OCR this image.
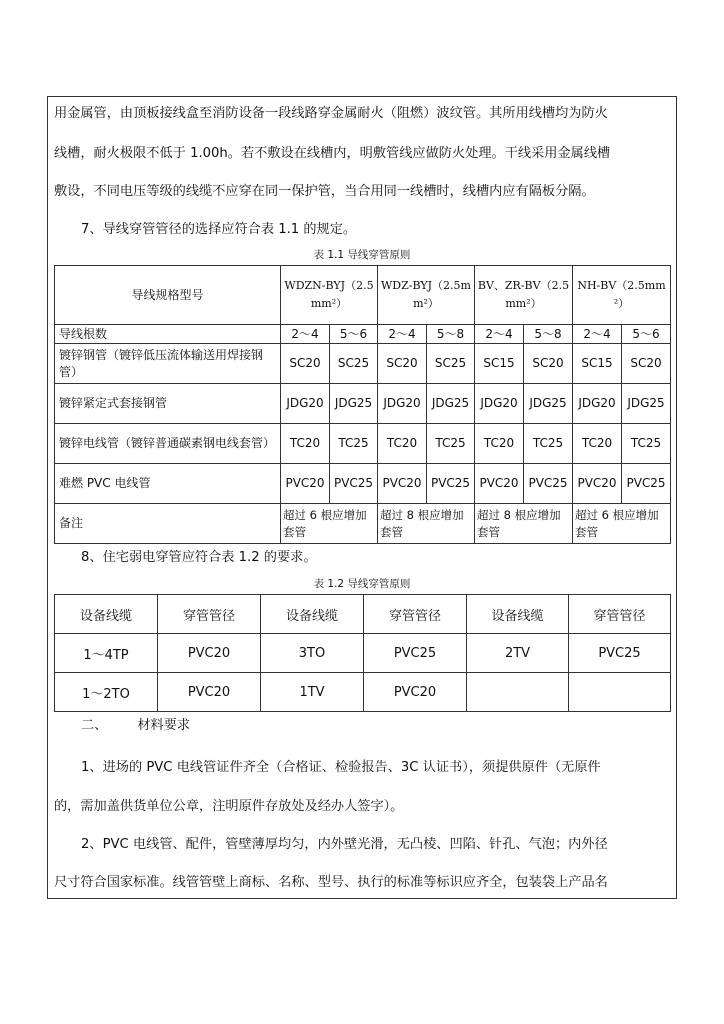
用金属管，由顶板接线盒至消防设备一段线路穿金属耐火（阻燃）波纹管。其所用线槽均为防火
线槽，耐火极限不低于 1.00h。若不敷设在线槽内，明敷管线应做防火处理。干线采用金属线槽
敷设，不同电压等级的线缆不应穿在同一保护管，当合用同一线槽时，线槽内应有隔板分隔。
7、导线穿管管径的选择应符合表 1.1 的规定。
表 1.1 导线穿管原则
导线规格型号	WDZN-BYJ（2.5mm²）		WDZ-BYJ（2.5mm²）		BV、ZR-BV（2.5mm²）		NH-BV（2.5mm²）	
导线根数	2～4	5～6	2～4	5～8	2～4	5～8	2～4	5～6
镀锌钢管（镀锌低压流体输送用焊接钢管）	SC20	SC25	SC20	SC25	SC15	SC20	SC15	SC20
镀锌紧定式套接钢管	JDG20	JDG25	JDG20	JDG25	JDG20	JDG25	JDG20	JDG25
镀锌电线管（镀锌普通碳素钢电线套管）	TC20	TC25	TC20	TC25	TC20	TC25	TC20	TC25
难燃 PVC 电线管	PVC20	PVC25	PVC20	PVC25	PVC20	PVC25	PVC20	PVC25
备注	超过 6 根应增加套管		超过 8 根应增加套管		超过 8 根应增加套管		超过 6 根应增加套管	
8、住宅弱电穿管应符合表 1.2 的要求。
表 1.2 导线穿管原则
设备线缆	穿管管径	设备线缆	穿管管径	设备线缆	穿管管径
1～4TP	PVC20	3TO	PVC25	2TV	PVC25
1～2TO	PVC20	1TV	PVC20		
二、 材料要求
1、进场的 PVC 电线管证件齐全（合格证、检验报告、3C 认证书），须提供原件（无原件
的，需加盖供货单位公章，注明原件存放处及经办人签字）。
2、PVC 电线管、配件，管壁薄厚均匀，内外壁光滑，无凸棱、凹陷、针孔、气泡；内外径
尺寸符合国家标准。线管管壁上商标、名称、型号、执行的标准等标识应齐全，包装袋上产品名
